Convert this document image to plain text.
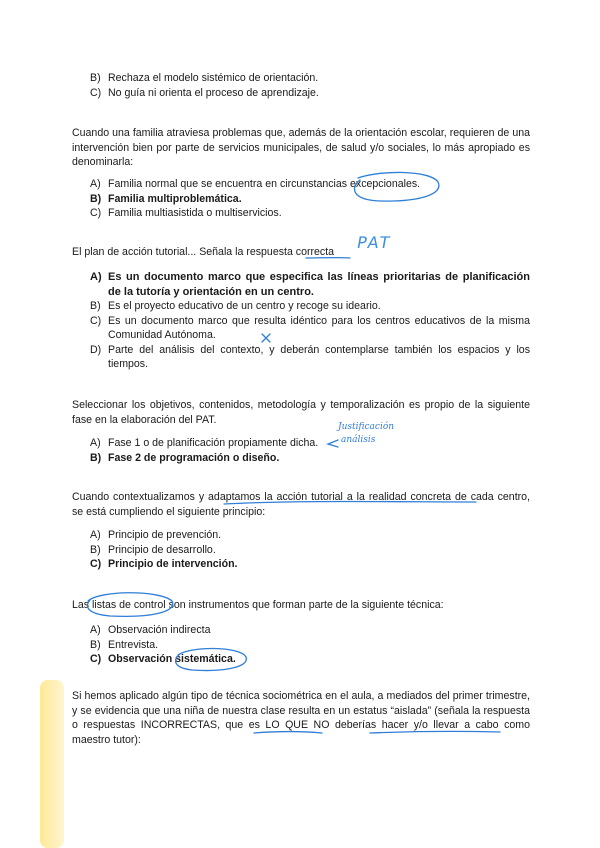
B) Rechaza el modelo sistémico de orientación.
C) No guía ni orienta el proceso de aprendizaje.

Cuando una familia atraviesa problemas que, además de la orientación escolar, requieren de una intervención bien por parte de servicios municipales, de salud y/o sociales, lo más apropiado es denominarla:

A) Familia normal que se encuentra en circunstancias excepcionales.
B) Familia multiproblemática.
C) Familia multiasistida o multiservicios.

El plan de acción tutorial... Señala la respuesta correcta	PAT
A) Es un documento marco que especifica las líneas prioritarias de planificación de la tutoría y orientación en un centro.
B) Es el proyecto educativo de un centro y recoge su ideario.
C) Es un documento marco que resulta idéntico para los centros educativos de la misma Comunidad Autónoma.
D) Parte del análisis del contexto, y deberán contemplarse también los espacios y los tiempos.

Seleccionar los objetivos, contenidos, metodología y temporalización es propio de la siguiente fase en la elaboración del PAT.

Justificación
análisis
A) Fase 1 o de planificación propiamente dicha.
B) Fase 2 de programación o diseño.

Cuando contextualizamos y adaptamos la acción tutorial a la realidad concreta de cada centro, se está cumpliendo el siguiente principio:

A) Principio de prevención.
B) Principio de desarrollo.
C) Principio de intervención.

Las listas de control son instrumentos que forman parte de la siguiente técnica:

A) Observación indirecta
B) Entrevista.
C) Observación sistemática.

Si hemos aplicado algún tipo de técnica sociométrica en el aula, a mediados del primer trimestre, y se evidencia que una niña de nuestra clase resulta en un estatus “aislada” (señala la respuesta o respuestas INCORRECTAS, que es LO QUE NO deberías hacer y/o llevar a cabo como maestro tutor):
